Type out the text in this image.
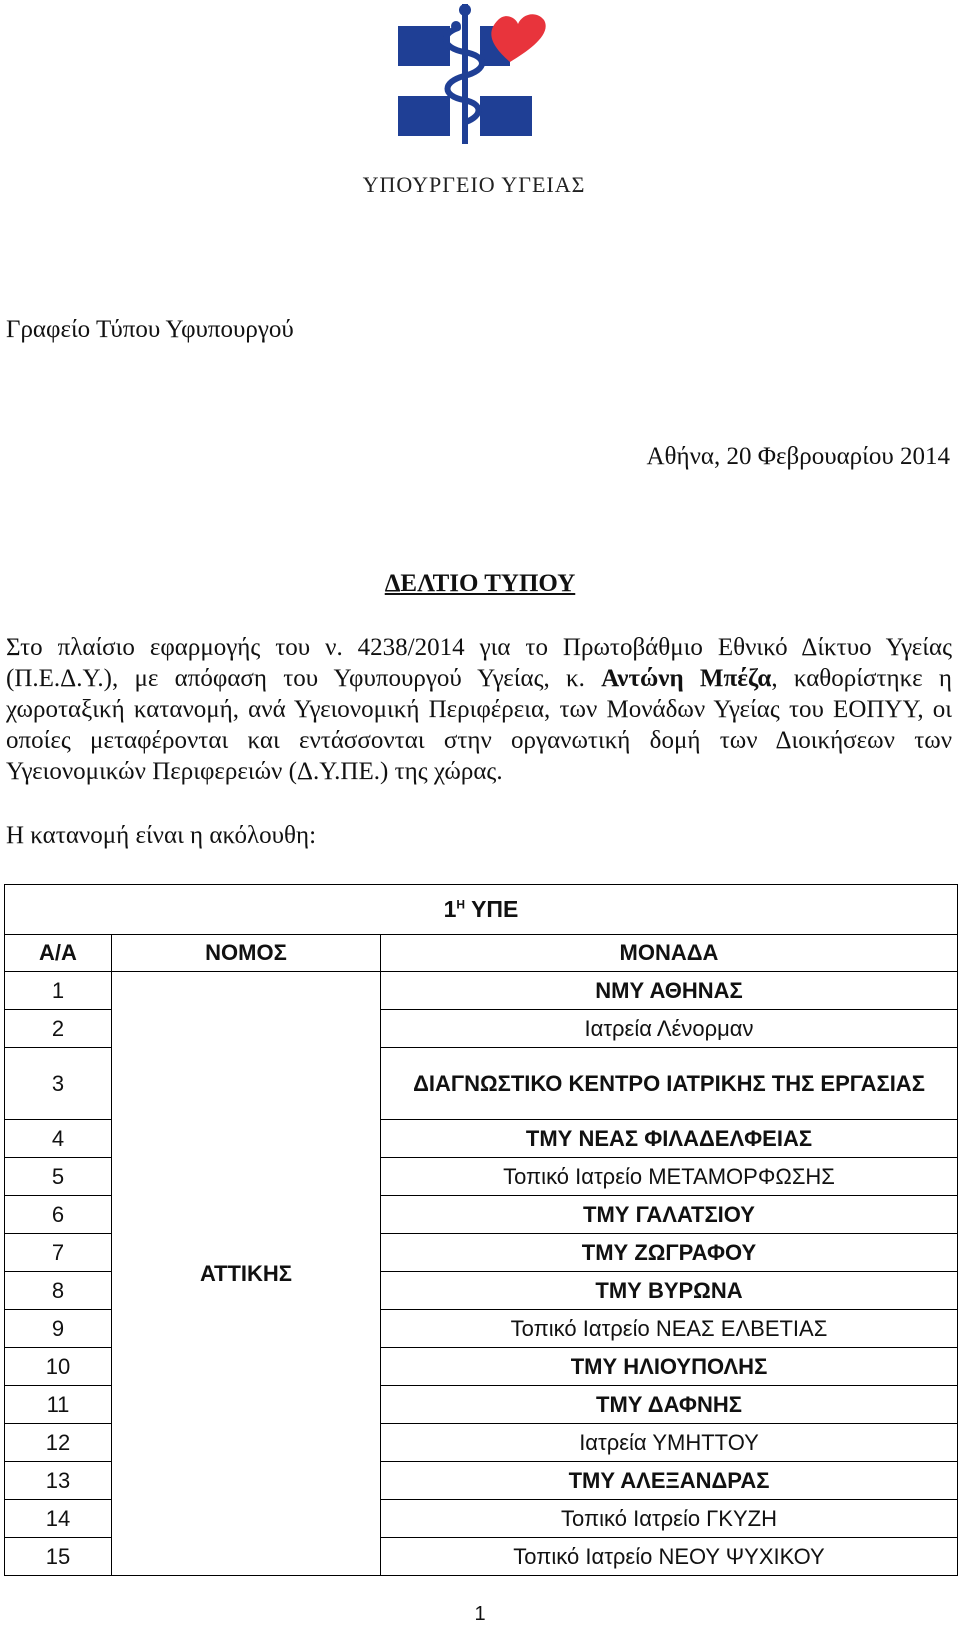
ΥΠΟΥΡΓΕΙΟ ΥΓΕΙΑΣ
Γραφείο Τύπου Υφυπουργού
Αθήνα, 20 Φεβρουαρίου 2014
ΔΕΛΤΙΟ ΤΥΠΟΥ
Στο πλαίσιο εφαρμογής του ν. 4238/2014 για το Πρωτοβάθμιο Εθνικό Δίκτυο Υγείας (Π.Ε.Δ.Υ.), με απόφαση του Υφυπουργού Υγείας, κ. Αντώνη Μπέζα, καθορίστηκε η χωροταξική κατανομή, ανά Υγειονομική Περιφέρεια, των Μονάδων Υγείας του ΕΟΠΥΥ, οι οποίες μεταφέρονται και εντάσσονται στην οργανωτική δομή των Διοικήσεων των Υγειονομικών Περιφερειών (Δ.Υ.ΠΕ.) της χώρας.
Η κατανομή είναι η ακόλουθη:
$1^H$ ΥΠΕ		
Α/Α	ΝΟΜΟΣ	ΜΟΝΑΔΑ
1	ΑΤΤΙΚΗΣ	ΝΜΥ ΑΘΗΝΑΣ
2		Ιατρεία Λένορμαν
3		ΔΙΑΓΝΩΣΤΙΚΟ ΚΕΝΤΡΟ ΙΑΤΡΙΚΗΣ ΤΗΣ ΕΡΓΑΣΙΑΣ
4		ΤΜΥ ΝΕΑΣ ΦΙΛΑΔΕΛΦΕΙΑΣ
5		Τοπικό Ιατρείο ΜΕΤΑΜΟΡΦΩΣΗΣ
6		ΤΜΥ ΓΑΛΑΤΣΙΟΥ
7		ΤΜΥ ΖΩΓΡΑΦΟΥ
8		ΤΜΥ ΒΥΡΩΝΑ
9		Τοπικό Ιατρείο ΝΕΑΣ ΕΛΒΕΤΙΑΣ
10		ΤΜΥ ΗΛΙΟΥΠΟΛΗΣ
11		ΤΜΥ ΔΑΦΝΗΣ
12		Ιατρεία ΥΜΗΤΤΟΥ
13		ΤΜΥ ΑΛΕΞΑΝΔΡΑΣ
14		Τοπικό Ιατρείο ΓΚΥΖΗ
15		Τοπικό Ιατρείο ΝΕΟΥ ΨΥΧΙΚΟΥ
1
